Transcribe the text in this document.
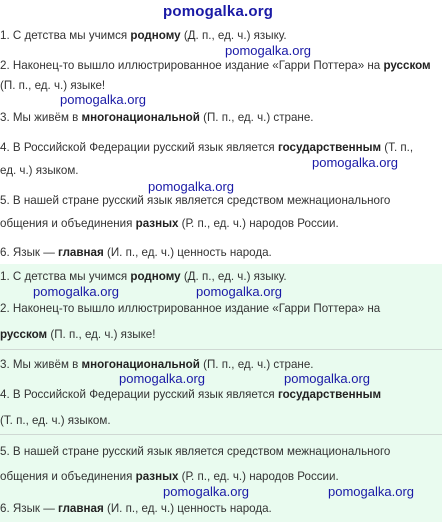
pomogalka.org
1. С детства мы учимся родному (Д. п., ед. ч.) языку.
pomogalka.org
2. Наконец-то вышло иллюстрированное издание «Гарри Поттера» на русском
(П. п., ед. ч.) языке!
pomogalka.org
3. Мы живём в многонациональной (П. п., ед. ч.) стране.
4. В Российской Федерации русский язык является государственным (Т. п.,
pomogalka.org
ед. ч.) языком.
pomogalka.org
5. В нашей стране русский язык является средством межнационального
общения и объединения разных (Р. п., ед. ч.) народов России.
6. Язык — главная (И. п., ед. ч.) ценность народа.
1. С детства мы учимся родному (Д. п., ед. ч.) языку.
pomogalka.org	pomogalka.org
2. Наконец-то вышло иллюстрированное издание «Гарри Поттера» на
русском (П. п., ед. ч.) языке!
3. Мы живём в многонациональной (П. п., ед. ч.) стране.
pomogalka.org	pomogalka.org
4. В Российской Федерации русский язык является государственным
(Т. п., ед. ч.) языком.
5. В нашей стране русский язык является средством межнационального
общения и объединения разных (Р. п., ед. ч.) народов России.
pomogalka.org	pomogalka.org
6. Язык — главная (И. п., ед. ч.) ценность народа.
